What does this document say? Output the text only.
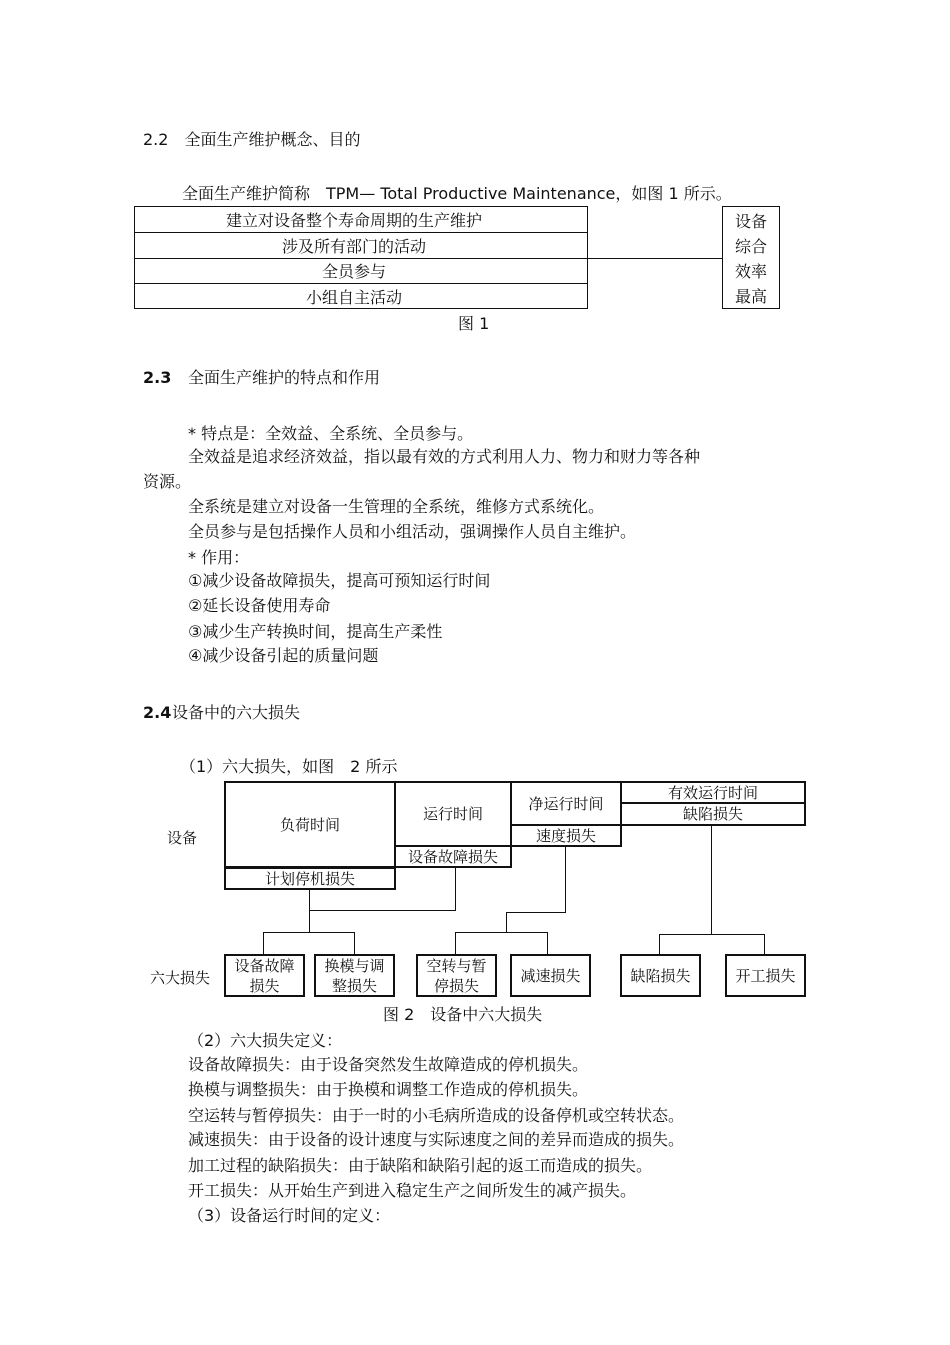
2.2　全面生产维护概念、目的
全面生产维护简称　TPM— Total Productive Maintenance，如图 1 所示。
建立对设备整个寿命周期的生产维护
涉及所有部门的活动
全员参与
小组自主活动
设备
综合
效率
最高
图 1
2.3 全面生产维护的特点和作用
* 特点是：全效益、全系统、全员参与。
全效益是追求经济效益，指以最有效的方式利用人力、物力和财力等各种
资源。
全系统是建立对设备一生管理的全系统，维修方式系统化。
全员参与是包括操作人员和小组活动，强调操作人员自主维护。
* 作用：
①减少设备故障损失，提高可预知运行时间
②延长设备使用寿命
③减少生产转换时间，提高生产柔性
④减少设备引起的质量问题
2.4 设备中的六大损失
（1）六大损失，如图　2 所示
设备
负荷时间
计划停机损失
运行时间
设备故障损失
净运行时间
速度损失
有效运行时间
缺陷损失
六大损失
设备故障
损失
换模与调
整损失
空转与暂
停损失
减速损失	缺陷损失	开工损失
图 2　设备中六大损失
（2）六大损失定义：
设备故障损失：由于设备突然发生故障造成的停机损失。
换模与调整损失：由于换模和调整工作造成的停机损失。
空运转与暂停损失：由于一时的小毛病所造成的设备停机或空转状态。
减速损失：由于设备的设计速度与实际速度之间的差异而造成的损失。
加工过程的缺陷损失：由于缺陷和缺陷引起的返工而造成的损失。
开工损失：从开始生产到进入稳定生产之间所发生的减产损失。
（3）设备运行时间的定义：
